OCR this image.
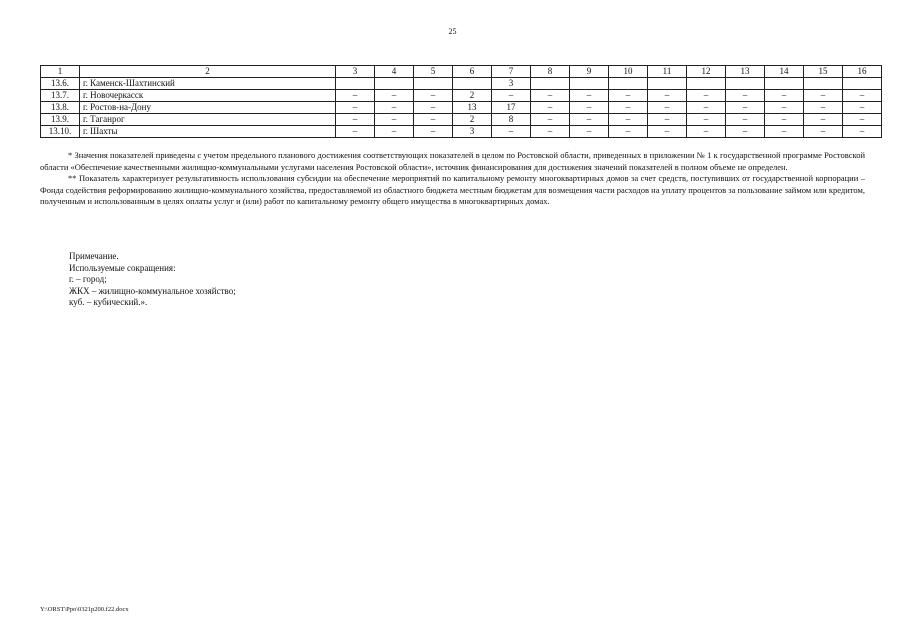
25
1	2	3	4	5	6	7	8	9	10	11	12	13	14	15	16
13.6.	г. Каменск-Шахтинский					3									
13.7.	г. Новочеркасск	–	–	–	2	–	–	–	–	–	–	–	–	–	–
13.8.	г. Ростов-на-Дону	–	–	–	13	17	–	–	–	–	–	–	–	–	–
13.9.	г. Таганрог	–	–	–	2	8	–	–	–	–	–	–	–	–	–
13.10.	г. Шахты	–	–	–	3	–	–	–	–	–	–	–	–	–	–

* Значения показателей приведены с учетом предельного планового достижения соответствующих показателей в целом по Ростовской области, приведенных в приложении № 1 к государственной программе Ростовской области «Обеспечение качественными жилищно-коммунальными услугами населения Ростовской области», источник финансирования для достижения значений показателей в полном объеме не определен.

** Показатель характеризует результативность использования субсидии на обеспечение мероприятий по капитальному ремонту многоквартирных домов за счет средств, поступивших от государственной корпорации – Фонда содействия реформированию жилищно-коммунального хозяйства, предоставляемой из областного бюджета местным бюджетам для возмещения части расходов на уплату процентов за пользование займом или кредитом, полученным и использованным в целях оплаты услуг и (или) работ по капитальному ремонту общего имущества в многоквартирных домах.

Примечание.
Используемые сокращения:
г. – город;
ЖКХ – жилищно-коммунальное хозяйство;
куб. – кубический.».
Y:\ORST\Ppo\0321p200.f22.docx
